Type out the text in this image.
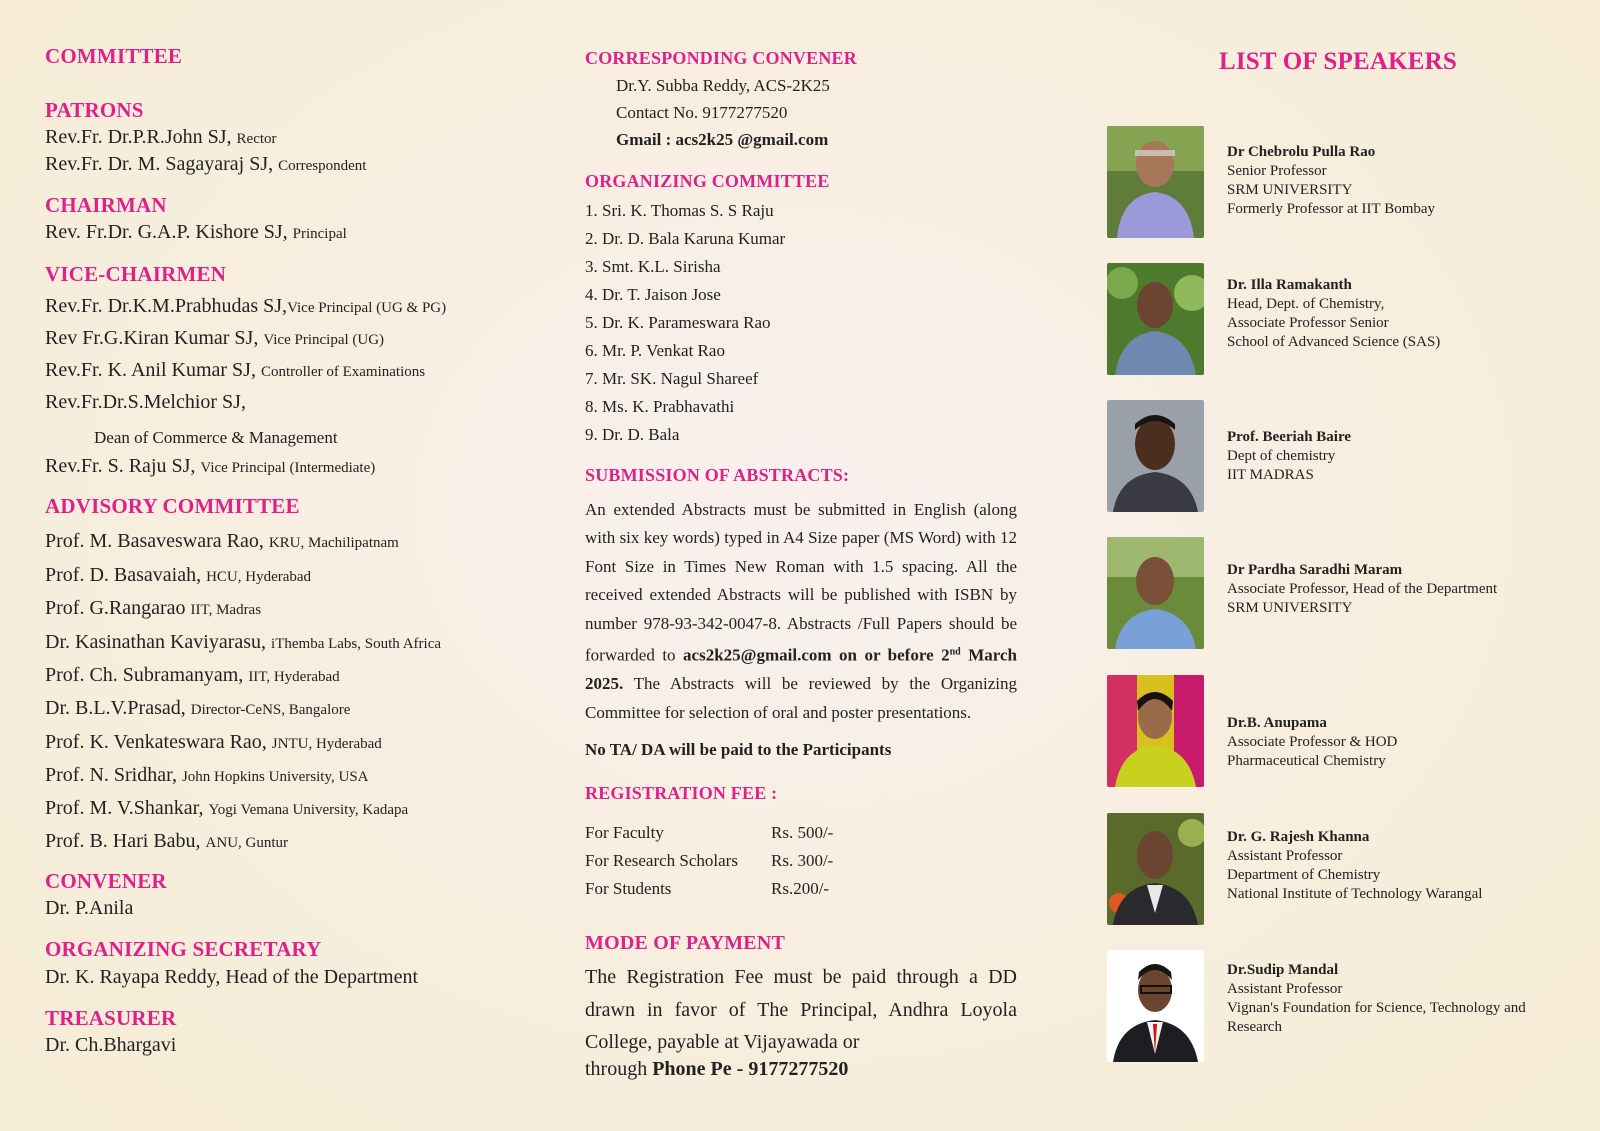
COMMITTEE
PATRONS
Rev.Fr. Dr.P.R.John SJ, Rector
Rev.Fr. Dr. M. Sagayaraj SJ, Correspondent
CHAIRMAN
Rev. Fr.Dr. G.A.P. Kishore SJ, Principal
VICE-CHAIRMEN
Rev.Fr. Dr.K.M.Prabhudas SJ,Vice Principal (UG & PG)
Rev Fr.G.Kiran Kumar SJ, Vice Principal (UG)
Rev.Fr. K. Anil Kumar SJ, Controller of Examinations
Rev.Fr.Dr.S.Melchior SJ,
Dean of Commerce & Management
Rev.Fr. S. Raju SJ, Vice Principal (Intermediate)
ADVISORY COMMITTEE
Prof. M. Basaveswara Rao, KRU, Machilipatnam
Prof. D. Basavaiah, HCU, Hyderabad
Prof. G.Rangarao IIT, Madras
Dr. Kasinathan Kaviyarasu, iThemba Labs, South Africa
Prof. Ch. Subramanyam, IIT, Hyderabad
Dr. B.L.V.Prasad, Director-CeNS, Bangalore
Prof. K. Venkateswara Rao, JNTU, Hyderabad
Prof. N. Sridhar, John Hopkins University, USA
Prof. M. V.Shankar, Yogi Vemana University, Kadapa
Prof. B. Hari Babu, ANU, Guntur
CONVENER
Dr. P.Anila
ORGANIZING SECRETARY
Dr. K. Rayapa Reddy, Head of the Department
TREASURER
Dr. Ch.Bhargavi
CORRESPONDING CONVENER
Dr.Y. Subba Reddy, ACS-2K25
Contact No. 9177277520
Gmail : acs2k25 @gmail.com
ORGANIZING COMMITTEE
1. Sri. K. Thomas S. S Raju
2. Dr. D. Bala Karuna Kumar
3. Smt. K.L. Sirisha
4. Dr. T. Jaison Jose
5. Dr. K. Parameswara Rao
6. Mr. P. Venkat Rao
7. Mr. SK. Nagul Shareef
8. Ms. K. Prabhavathi
9. Dr. D. Bala
SUBMISSION OF ABSTRACTS:
An extended Abstracts must be submitted in English (along with six key words) typed in A4 Size paper (MS Word) with 12 Font Size in Times New Roman with 1.5 spacing. All the received extended Abstracts will be published with ISBN by number 978-93-342-0047-8. Abstracts /Full Papers should be forwarded to acs2k25@gmail.com on or before 2nd March 2025. The Abstracts will be reviewed by the Organizing Committee for selection of oral and poster presentations.
No TA/ DA will be paid to the Participants
REGISTRATION FEE :
For Faculty	Rs. 500/-
For Research Scholars Rs. 300/-
For Students	Rs.200/-
MODE OF PAYMENT
The Registration Fee must be paid through a DD drawn in favor of The Principal, Andhra Loyola College, payable at Vijayawada or
through Phone Pe - 9177277520
LIST OF SPEAKERS
Dr Chebrolu Pulla Rao
Senior Professor
SRM UNIVERSITY
Formerly Professor at IIT Bombay
Dr. Illa Ramakanth
Head, Dept. of Chemistry,
Associate Professor Senior
School of Advanced Science (SAS)
Prof. Beeriah Baire
Dept of chemistry
IIT MADRAS
Dr Pardha Saradhi Maram
Associate Professor, Head of the Department
SRM UNIVERSITY
Dr.B. Anupama
Associate Professor & HOD
Pharmaceutical Chemistry
Dr. G. Rajesh Khanna
Assistant Professor
Department of Chemistry
National Institute of Technology Warangal
Dr.Sudip Mandal
Assistant Professor
Vignan's Foundation for Science, Technology and
Research
